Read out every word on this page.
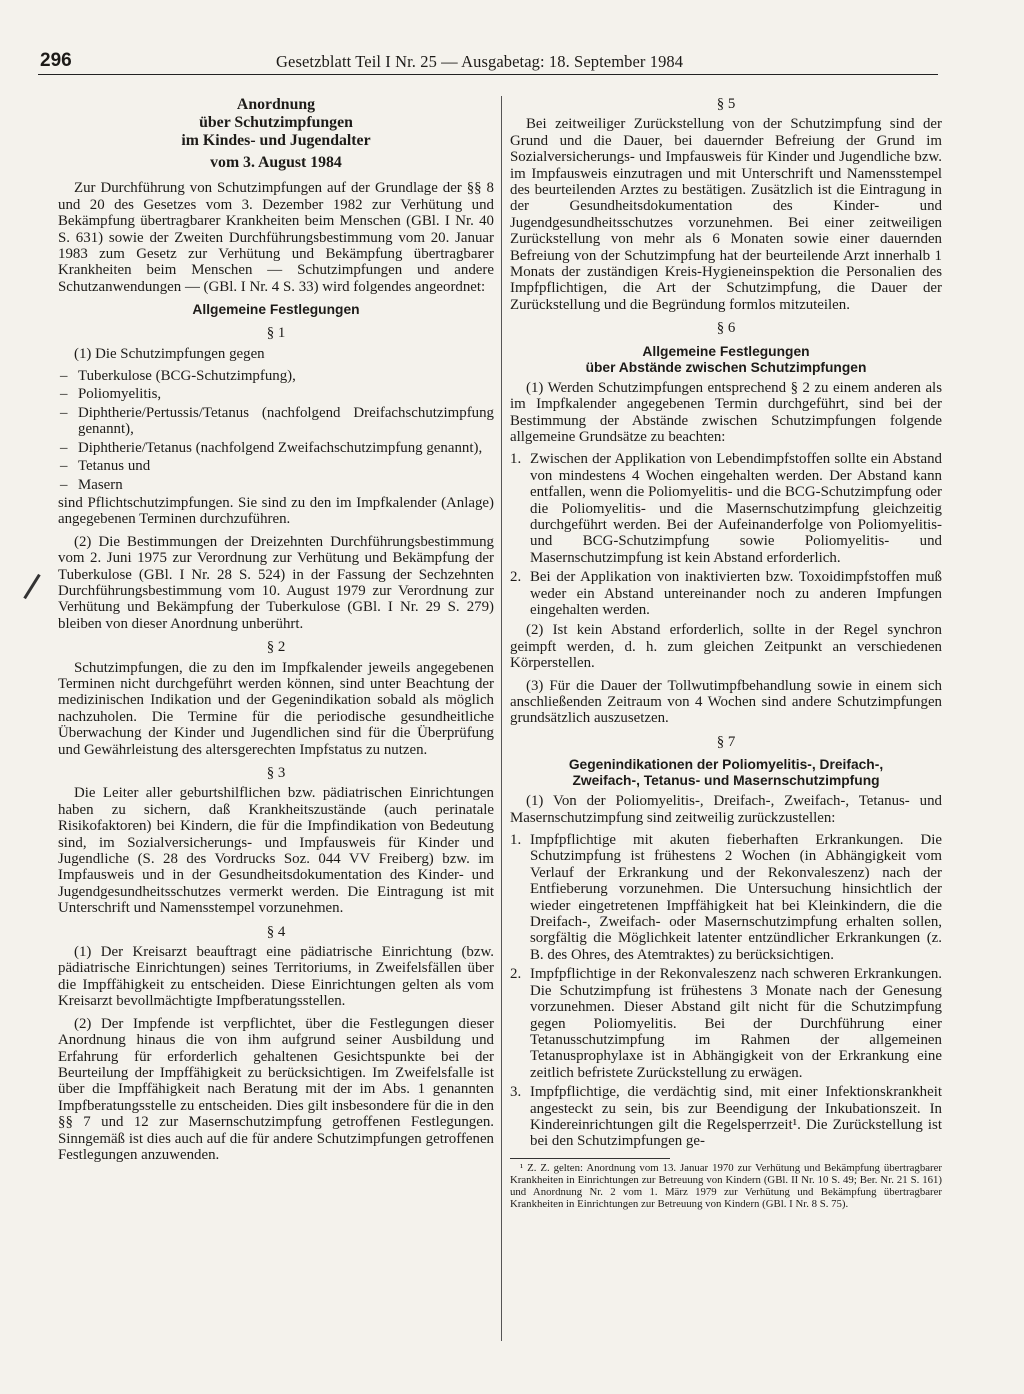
296	Gesetzblatt Teil I Nr. 25 — Ausgabetag: 18. September 1984
Anordnung
über Schutzimpfungen
im Kindes- und Jugendalter
vom 3. August 1984

Zur Durchführung von Schutzimpfungen auf der Grundlage der §§ 8 und 20 des Gesetzes vom 3. Dezember 1982 zur Verhütung und Bekämpfung übertragbarer Krankheiten beim Menschen (GBl. I Nr. 40 S. 631) sowie der Zweiten Durchführungsbestimmung vom 20. Januar 1983 zum Gesetz zur Verhütung und Bekämpfung übertragbarer Krankheiten beim Menschen — Schutzimpfungen und andere Schutzanwendungen — (GBl. I Nr. 4 S. 33) wird folgendes angeordnet:

Allgemeine Festlegungen
§ 1

(1) Die Schutzimpfungen gegen

– Tuberkulose (BCG-Schutzimpfung),
– Poliomyelitis,
– Diphtherie/Pertussis/Tetanus (nachfolgend Dreifachschutzimpfung genannt),
– Diphtherie/Tetanus (nachfolgend Zweifachschutzimpfung genannt),
– Tetanus und
– Masern

sind Pflichtschutzimpfungen. Sie sind zu den im Impfkalender (Anlage) angegebenen Terminen durchzuführen.

(2) Die Bestimmungen der Dreizehnten Durchführungsbestimmung vom 2. Juni 1975 zur Verordnung zur Verhütung und Bekämpfung der Tuberkulose (GBl. I Nr. 28 S. 524) in der Fassung der Sechzehnten Durchführungsbestimmung vom 10. August 1979 zur Verordnung zur Verhütung und Bekämpfung der Tuberkulose (GBl. I Nr. 29 S. 279) bleiben von dieser Anordnung unberührt.

§ 2

Schutzimpfungen, die zu den im Impfkalender jeweils angegebenen Terminen nicht durchgeführt werden können, sind unter Beachtung der medizinischen Indikation und der Gegenindikation sobald als möglich nachzuholen. Die Termine für die periodische gesundheitliche Überwachung der Kinder und Jugendlichen sind für die Überprüfung und Gewährleistung des altersgerechten Impfstatus zu nutzen.

§ 3

Die Leiter aller geburtshilflichen bzw. pädiatrischen Einrichtungen haben zu sichern, daß Krankheitszustände (auch perinatale Risikofaktoren) bei Kindern, die für die Impfindikation von Bedeutung sind, im Sozialversicherungs- und Impfausweis für Kinder und Jugendliche (S. 28 des Vordrucks Soz. 044 VV Freiberg) bzw. im Impfausweis und in der Gesundheitsdokumentation des Kinder- und Jugendgesundheitsschutzes vermerkt werden. Die Eintragung ist mit Unterschrift und Namensstempel vorzunehmen.

§ 4

(1) Der Kreisarzt beauftragt eine pädiatrische Einrichtung (bzw. pädiatrische Einrichtungen) seines Territoriums, in Zweifelsfällen über die Impffähigkeit zu entscheiden. Diese Einrichtungen gelten als vom Kreisarzt bevollmächtigte Impfberatungsstellen.

(2) Der Impfende ist verpflichtet, über die Festlegungen dieser Anordnung hinaus die von ihm aufgrund seiner Ausbildung und Erfahrung für erforderlich gehaltenen Gesichtspunkte bei der Beurteilung der Impffähigkeit zu berücksichtigen. Im Zweifelsfalle ist über die Impffähigkeit nach Beratung mit der im Abs. 1 genannten Impfberatungsstelle zu entscheiden. Dies gilt insbesondere für die in den §§ 7 und 12 zur Masernschutzimpfung getroffenen Festlegungen. Sinngemäß ist dies auch auf die für andere Schutzimpfungen getroffenen Festlegungen anzuwenden.

§ 5

Bei zeitweiliger Zurückstellung von der Schutzimpfung sind der Grund und die Dauer, bei dauernder Befreiung der Grund im Sozialversicherungs- und Impfausweis für Kinder und Jugendliche bzw. im Impfausweis einzutragen und mit Unterschrift und Namensstempel des beurteilenden Arztes zu bestätigen. Zusätzlich ist die Eintragung in der Gesundheitsdokumentation des Kinder- und Jugendgesundheitsschutzes vorzunehmen. Bei einer zeitweiligen Zurückstellung von mehr als 6 Monaten sowie einer dauernden Befreiung von der Schutzimpfung hat der beurteilende Arzt innerhalb 1 Monats der zuständigen Kreis-Hygieneinspektion die Personalien des Impfpflichtigen, die Art der Schutzimpfung, die Dauer der Zurückstellung und die Begründung formlos mitzuteilen.

§ 6
Allgemeine Festlegungen
über Abstände zwischen Schutzimpfungen

(1) Werden Schutzimpfungen entsprechend § 2 zu einem anderen als im Impfkalender angegebenen Termin durchgeführt, sind bei der Bestimmung der Abstände zwischen Schutzimpfungen folgende allgemeine Grundsätze zu beachten:

1. Zwischen der Applikation von Lebendimpfstoffen sollte ein Abstand von mindestens 4 Wochen eingehalten werden. Der Abstand kann entfallen, wenn die Poliomyelitis- und die BCG-Schutzimpfung oder die Poliomyelitis- und die Masernschutzimpfung gleichzeitig durchgeführt werden. Bei der Aufeinanderfolge von Poliomyelitis- und BCG-Schutzimpfung sowie Poliomyelitis- und Masernschutzimpfung ist kein Abstand erforderlich.
2. Bei der Applikation von inaktivierten bzw. Toxoidimpfstoffen muß weder ein Abstand untereinander noch zu anderen Impfungen eingehalten werden.

(2) Ist kein Abstand erforderlich, sollte in der Regel synchron geimpft werden, d. h. zum gleichen Zeitpunkt an verschiedenen Körperstellen.

(3) Für die Dauer der Tollwutimpfbehandlung sowie in einem sich anschließenden Zeitraum von 4 Wochen sind andere Schutzimpfungen grundsätzlich auszusetzen.

§ 7
Gegenindikationen der Poliomyelitis-, Dreifach-,
Zweifach-, Tetanus- und Masernschutzimpfung

(1) Von der Poliomyelitis-, Dreifach-, Zweifach-, Tetanus- und Masernschutzimpfung sind zeitweilig zurückzustellen:

1. Impfpflichtige mit akuten fieberhaften Erkrankungen. Die Schutzimpfung ist frühestens 2 Wochen (in Abhängigkeit vom Verlauf der Erkrankung und der Rekonvaleszenz) nach der Entfieberung vorzunehmen. Die Untersuchung hinsichtlich der wieder eingetretenen Impffähigkeit hat bei Kleinkindern, die die Dreifach-, Zweifach- oder Masernschutzimpfung erhalten sollen, sorgfältig die Möglichkeit latenter entzündlicher Erkrankungen (z. B. des Ohres, des Atemtraktes) zu berücksichtigen.
2. Impfpflichtige in der Rekonvaleszenz nach schweren Erkrankungen. Die Schutzimpfung ist frühestens 3 Monate nach der Genesung vorzunehmen. Dieser Abstand gilt nicht für die Schutzimpfung gegen Poliomyelitis. Bei der Durchführung einer Tetanusschutzimpfung im Rahmen der allgemeinen Tetanusprophylaxe ist in Abhängigkeit von der Erkrankung eine zeitlich befristete Zurückstellung zu erwägen.
3. Impfpflichtige, die verdächtig sind, mit einer Infektionskrankheit angesteckt zu sein, bis zur Beendigung der Inkubationszeit. In Kindereinrichtungen gilt die Regelsperrzeit¹. Die Zurückstellung ist bei den Schutzimpfungen ge-

¹ Z. Z. gelten: Anordnung vom 13. Januar 1970 zur Verhütung und Bekämpfung übertragbarer Krankheiten in Einrichtungen zur Betreuung von Kindern (GBl. II Nr. 10 S. 49; Ber. Nr. 21 S. 161) und Anordnung Nr. 2 vom 1. März 1979 zur Verhütung und Bekämpfung übertragbarer Krankheiten in Einrichtungen zur Betreuung von Kindern (GBl. I Nr. 8 S. 75).
